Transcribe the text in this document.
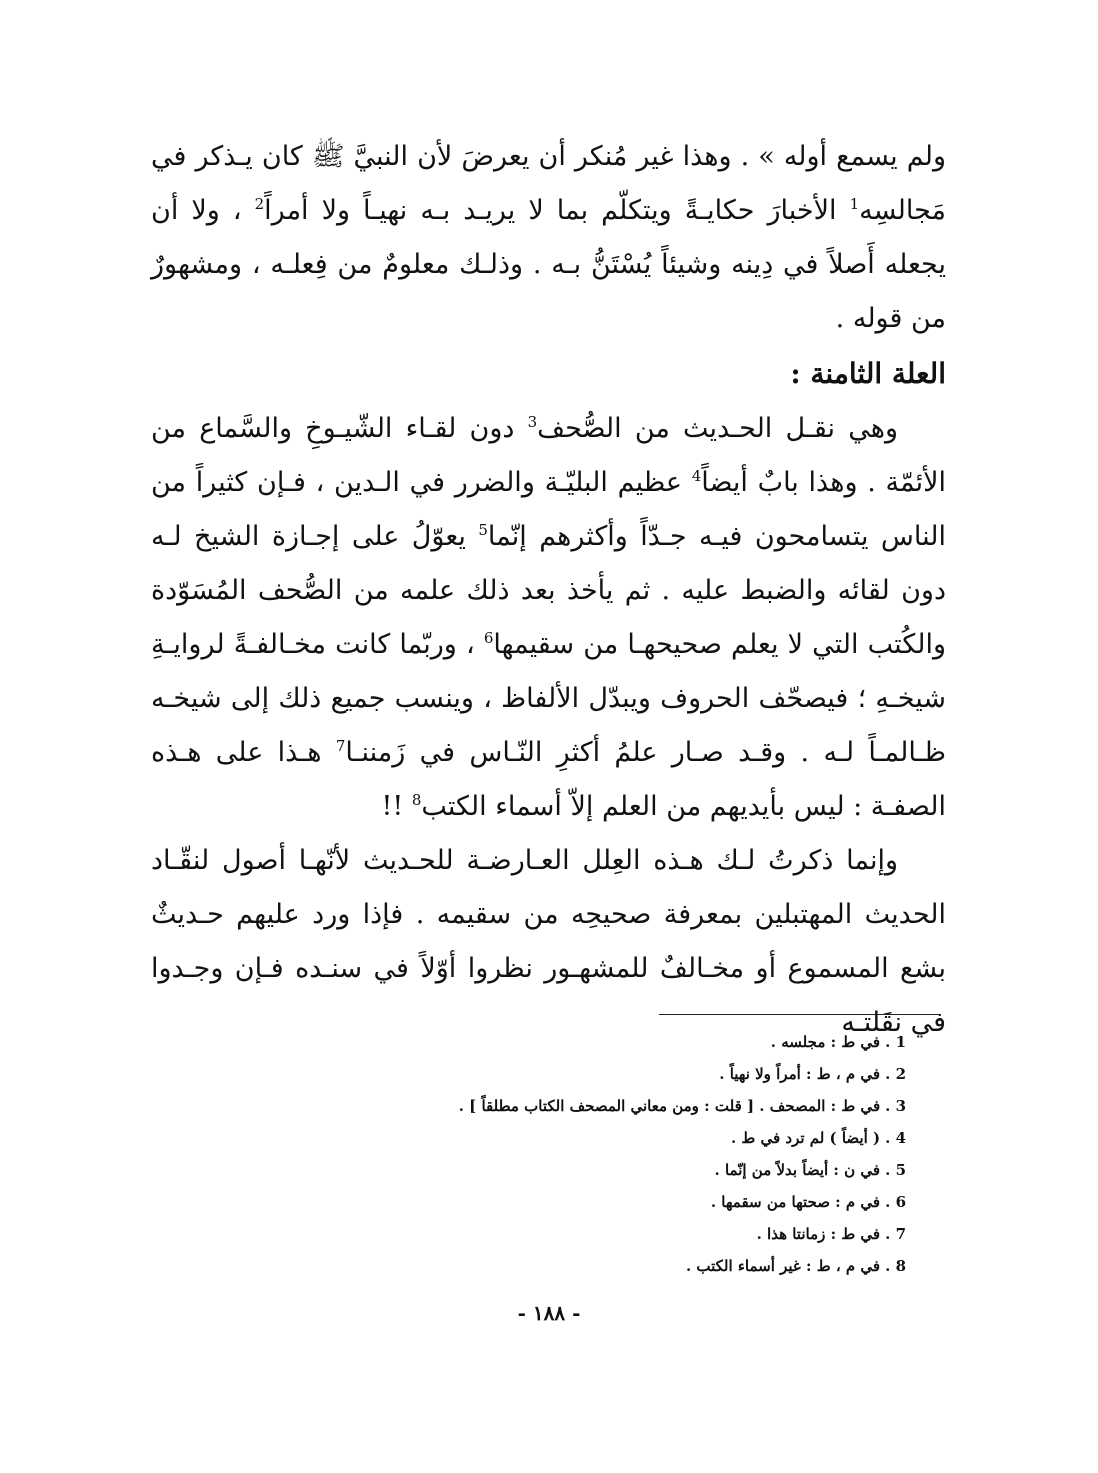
ولم يسمع أوله » . وهذا غير مُنكر أن يعرضَ لأن النبيَّ ﷺ كان يـذكر في مَجالسِه$^1$ الأخبارَ حكايـةً ويتكلّم بما لا يريـد بـه نهيـاً ولا أمراً$^2$ ، ولا أن يجعله أَصلاً في دِينه وشيئاً يُسْتَنُّ بـه . وذلـك معلومٌ من فِعلـه ، ومشهورٌ من قوله .

العلة الثامنة :

وهي نقـل الحـديث من الصُّحف$^3$ دون لقـاء الشّيـوخِ والسَّماع من الأئمّة . وهذا بابٌ أيضاً$^4$ عظيم البليّـة والضرر في الـدين ، فـإن كثيراً من الناس يتسامحون فيـه جـدّاً وأكثرهم إنّما$^5$ يعوّلُ على إجـازة الشيخ لـه دون لقائه والضبط عليه . ثم يأخذ بعد ذلك علمه من الصُّحف المُسَوّدة والكُتب التي لا يعلم صحيحهـا من سقيمها$^6$ ، وربّما كانت مخـالفـةً لروايـةِ شيخـهِ ؛ فيصحّف الحروف ويبدّل الألفاظ ، وينسب جميع ذلك إلى شيخـه ظـالمـاً لـه . وقـد صـار علمُ أكثرِ النّـاس في زَمننـا$^7$ هـذا على هـذه الصفـة : ليس بأيديهم من العلم إلاّ أسماء الكتب$^8$ !!

وإنما ذكرتُ لـك هـذه العِلل العـارضـة للحـديث لأنّهـا أصول لنقّـاد الحديث المهتبلين بمعرفة صحيحِه من سقيمه . فإذا ورد عليهم حـديثٌ بشع المسموع أو مخـالفٌ للمشهـور نظروا أوّلاً في سنـده فـإن وجـدوا في نقَلتـه

1 .في ط : مجلسه .
2 .في م ، ط : أمراً ولا نهياً .
3 .في ط : المصحف . [ قلت : ومن معاني المصحف الكتاب مطلقاً ] .
4 .( أيضاً ) لم ترد في ط .
5 .في ن : أيضاً بدلاً من إنّما .
6 .في م : صحتها من سقمها .
7 .في ط : زمانتا هذا .
8 .في م ، ط : غير أسماء الكتب .
- ١٨٨ -
